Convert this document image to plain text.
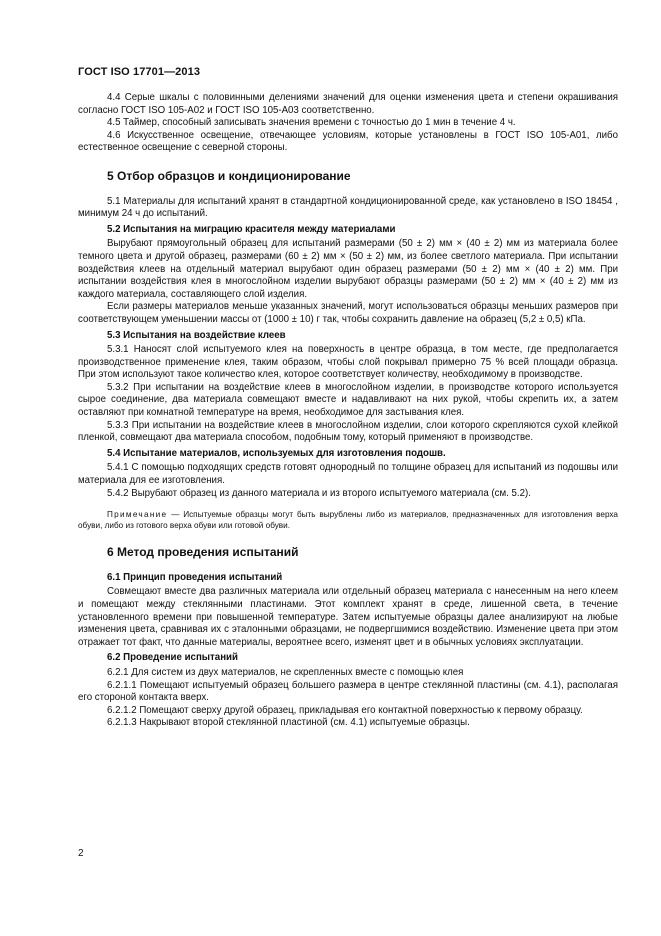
ГОСТ ISO 17701—2013

4.4 Серые шкалы с половинными делениями значений для оценки изменения цвета и степени окрашивания согласно ГОСТ ISO 105-A02 и ГОСТ ISO 105-A03 соответственно.

4.5 Таймер, способный записывать значения времени с точностью до 1 мин в течение 4 ч.

4.6 Искусственное освещение, отвечающее условиям, которые установлены в ГОСТ ISO 105-A01, либо естественное освещение с северной стороны.

5 Отбор образцов и кондиционирование

5.1 Материалы для испытаний хранят в стандартной кондиционированной среде, как установлено в ISO 18454 , минимум 24 ч до испытаний.

5.2 Испытания на миграцию красителя между материалами

Вырубают прямоугольный образец для испытаний размерами (50 ± 2) мм × (40 ± 2) мм из материала более темного цвета и другой образец, размерами (60 ± 2) мм × (50 ± 2) мм, из более светлого материала. При испытании воздействия клеев на отдельный материал вырубают один образец размерами (50 ± 2) мм × (40 ± 2) мм. При испытании воздействия клея в многослойном изделии вырубают образцы размерами (50 ± 2) мм × (40 ± 2) мм из каждого материала, составляющего слой изделия.

Если размеры материалов меньше указанных значений, могут использоваться образцы меньших размеров при соответствующем уменьшении массы от (1000 ± 10) г так, чтобы сохранить давление на образец (5,2 ± 0,5) кПа.

5.3 Испытания на воздействие клеев

5.3.1 Наносят слой испытуемого клея на поверхность в центре образца, в том месте, где предполагается производственное применение клея, таким образом, чтобы слой покрывал примерно 75 % всей площади образца. При этом используют такое количество клея, которое соответствует количеству, необходимому в производстве.

5.3.2 При испытании на воздействие клеев в многослойном изделии, в производстве которого используется сырое соединение, два материала совмещают вместе и надавливают на них рукой, чтобы скрепить их, а затем оставляют при комнатной температуре на время, необходимое для застывания клея.

5.3.3 При испытании на воздействие клеев в многослойном изделии, слои которого скрепляются сухой клейкой пленкой, совмещают два материала способом, подобным тому, который применяют в производстве.

5.4 Испытание материалов, используемых для изготовления подошв.

5.4.1 С помощью подходящих средств готовят однородный по толщине образец для испытаний из подошвы или материала для ее изготовления.

5.4.2 Вырубают образец из данного материала и из второго испытуемого материала (см. 5.2).

Примечание — Испытуемые образцы могут быть вырублены либо из материалов, предназначенных для изготовления верха обуви, либо из готового верха обуви или готовой обуви.

6 Метод проведения испытаний

6.1 Принцип проведения испытаний

Совмещают вместе два различных материала или отдельный образец материала с нанесенным на него клеем и помещают между стеклянными пластинами. Этот комплект хранят в среде, лишенной света, в течение установленного времени при повышенной температуре. Затем испытуемые образцы далее анализируют на любые изменения цвета, сравнивая их с эталонными образцами, не подвергшимися воздействию. Изменение цвета при этом отражает тот факт, что данные материалы, вероятнее всего, изменят цвет и в обычных условиях эксплуатации.

6.2 Проведение испытаний

6.2.1 Для систем из двух материалов, не скрепленных вместе с помощью клея

6.2.1.1 Помещают испытуемый образец большего размера в центре стеклянной пластины (см. 4.1), располагая его стороной контакта вверх.

6.2.1.2 Помещают сверху другой образец, прикладывая его контактной поверхностью к первому образцу.

6.2.1.3 Накрывают второй стеклянной пластиной (см. 4.1) испытуемые образцы.

2
